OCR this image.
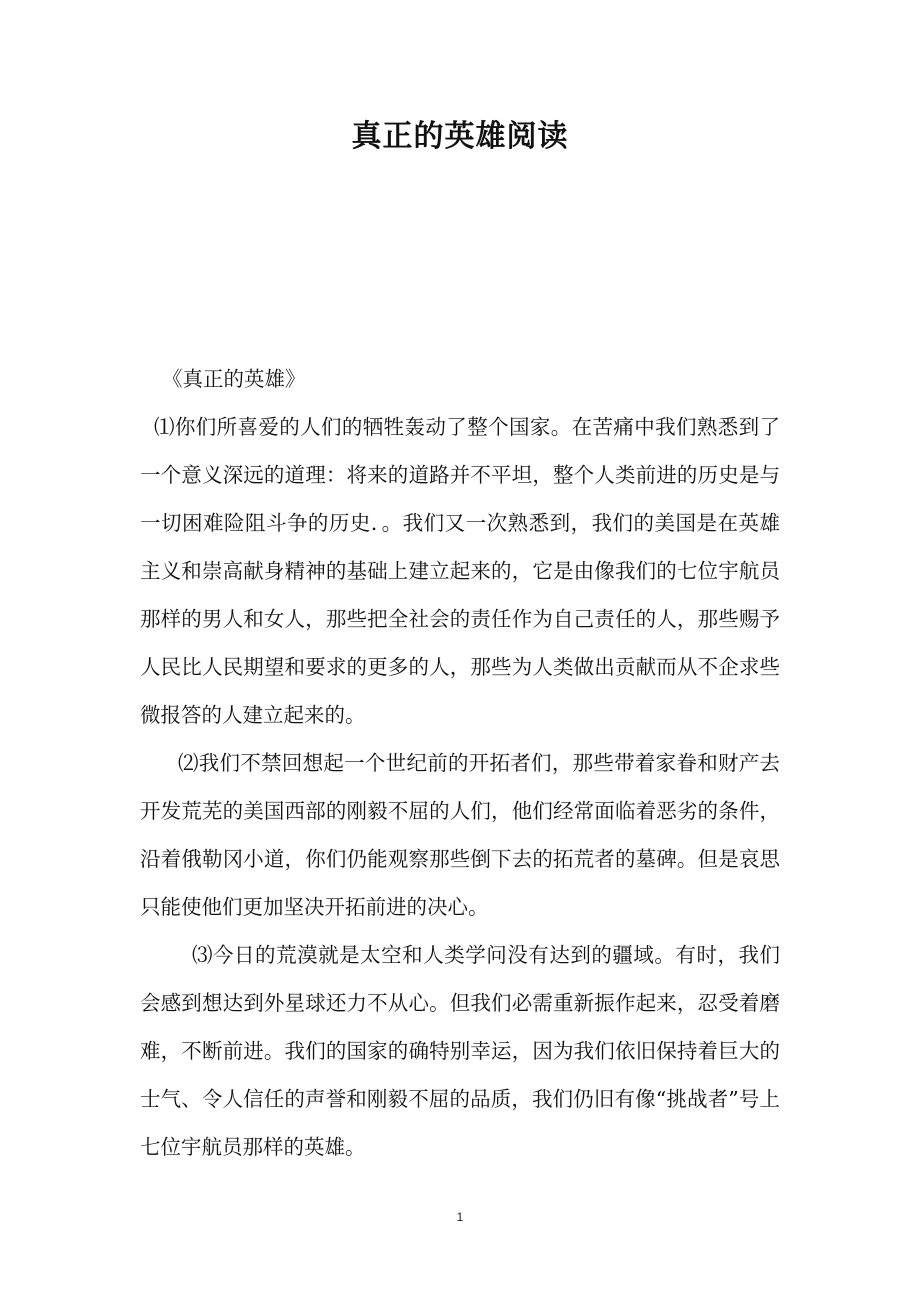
真正的英雄阅读

《真正的英雄》

⑴你们所喜爱的人们的牺牲轰动了整个国家。在苦痛中我们熟悉到了一个意义深远的道理：将来的道路并不平坦，整个人类前进的历史是与一切困难险阻斗争的历史．。我们又一次熟悉到，我们的美国是在英雄主义和崇高献身精神的基础上建立起来的，它是由像我们的七位宇航员那样的男人和女人，那些把全社会的责任作为自己责任的人，那些赐予人民比人民期望和要求的更多的人，那些为人类做出贡献而从不企求些微报答的人建立起来的。

⑵我们不禁回想起一个世纪前的开拓者们，那些带着家眷和财产去开发荒芜的美国西部的刚毅不屈的人们，他们经常面临着恶劣的条件，沿着俄勒冈小道，你们仍能观察那些倒下去的拓荒者的墓碑。但是哀思只能使他们更加坚决开拓前进的决心。

⑶今日的荒漠就是太空和人类学问没有达到的疆域。有时，我们会感到想达到外星球还力不从心。但我们必需重新振作起来，忍受着磨难，不断前进。我们的国家的确特别幸运，因为我们依旧保持着巨大的士气、令人信任的声誉和刚毅不屈的品质，我们仍旧有像“挑战者”号上七位宇航员那样的英雄。

1
